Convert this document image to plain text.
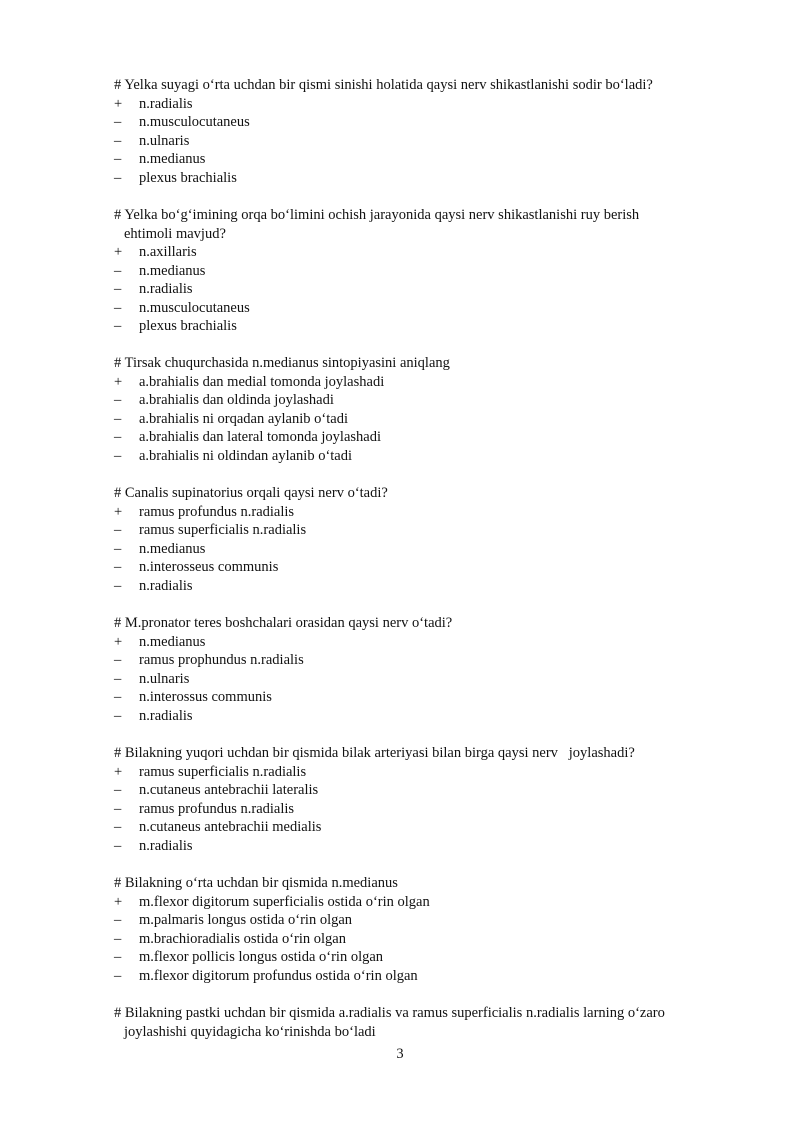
# Yelka suyagi o‘rta uchdan bir qismi sinishi holatida qaysi nerv shikastlanishi sodir bo‘ladi?
+ n.radialis
– n.musculocutaneus
– n.ulnaris
– n.medianus
– plexus brachialis
# Yelka bo‘g‘imining orqa bo‘limini ochish jarayonida qaysi nerv shikastlanishi ruy berish
ehtimoli mavjud?
+ n.axillaris
– n.medianus
– n.radialis
– n.musculocutaneus
– plexus brachialis
# Tirsak chuqurchasida n.medianus sintopiyasini aniqlang
+ a.brahialis dan medial tomonda joylashadi
– a.brahialis dan oldinda joylashadi
– a.brahialis ni orqadan aylanib o‘tadi
– a.brahialis dan lateral tomonda joylashadi
– a.brahialis ni oldindan aylanib o‘tadi
# Canalis supinatorius orqali qaysi nerv o‘tadi?
+ ramus profundus n.radialis
– ramus superficialis n.radialis
– n.medianus
– n.interosseus communis
– n.radialis
# M.pronator teres boshchalari orasidan qaysi nerv o‘tadi?
+ n.medianus
– ramus prophundus n.radialis
– n.ulnaris
– n.interossus communis
– n.radialis
# Bilakning yuqori uchdan bir qismida bilak arteriyasi bilan birga qaysi nerv   joylashadi?
+ ramus superficialis n.radialis
– n.cutaneus antebrachii lateralis
– ramus profundus n.radialis
– n.cutaneus antebrachii medialis
– n.radialis
# Bilakning o‘rta uchdan bir qismida n.medianus
+ m.flexor digitorum superficialis ostida o‘rin olgan
– m.palmaris longus ostida o‘rin olgan
– m.brachioradialis ostida o‘rin olgan
– m.flexor pollicis longus ostida o‘rin olgan
– m.flexor digitorum profundus ostida o‘rin olgan
# Bilakning pastki uchdan bir qismida a.radialis va ramus superficialis n.radialis larning o‘zaro
joylashishi quyidagicha ko‘rinishda bo‘ladi
3
